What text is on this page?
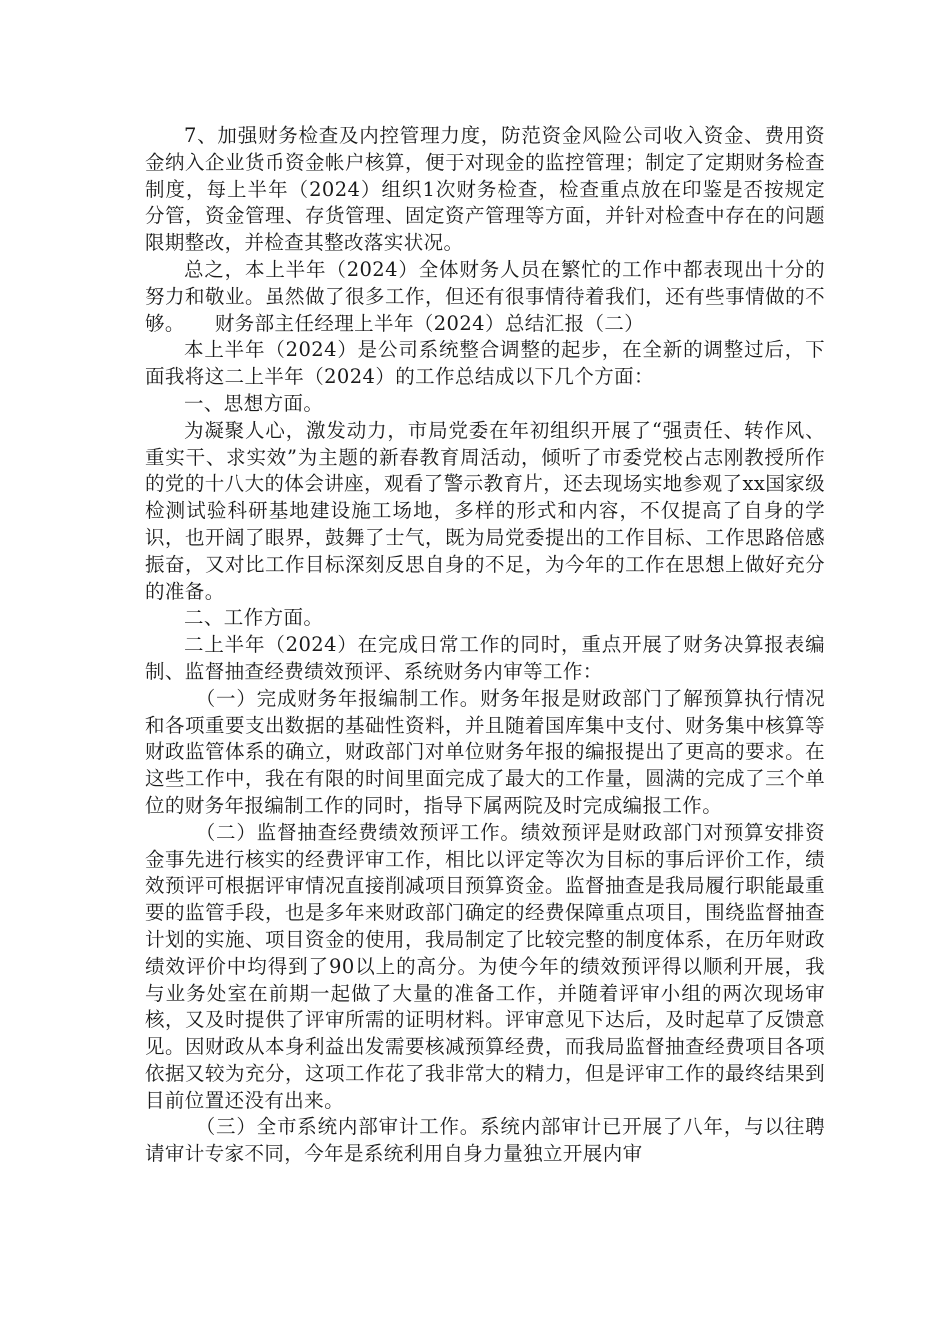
7、加强财务检查及内控管理力度，防范资金风险公司收入资金、费用资金纳入企业货币资金帐户核算，便于对现金的监控管理；制定了定期财务检查制度，每上半年（2024）组织1次财务检查，检查重点放在印鉴是否按规定分管，资金管理、存货管理、固定资产管理等方面，并针对检查中存在的问题限期整改，并检查其整改落实状况。

总之，本上半年（2024）全体财务人员在繁忙的工作中都表现出十分的努力和敬业。虽然做了很多工作，但还有很事情待着我们，还有些事情做的不够。　　财务部主任经理上半年（2024）总结汇报（二）

本上半年（2024）是公司系统整合调整的起步，在全新的调整过后，下面我将这二上半年（2024）的工作总结成以下几个方面：

一、思想方面。

为凝聚人心，激发动力，市局党委在年初组织开展了“强责任、转作风、重实干、求实效”为主题的新春教育周活动，倾听了市委党校占志刚教授所作的党的十八大的体会讲座，观看了警示教育片，还去现场实地参观了xx国家级检测试验科研基地建设施工场地，多样的形式和内容，不仅提高了自身的学识，也开阔了眼界，鼓舞了士气，既为局党委提出的工作目标、工作思路倍感振奋，又对比工作目标深刻反思自身的不足，为今年的工作在思想上做好充分的准备。

二、工作方面。

二上半年（2024）在完成日常工作的同时，重点开展了财务决算报表编制、监督抽查经费绩效预评、系统财务内审等工作：

（一）完成财务年报编制工作。财务年报是财政部门了解预算执行情况和各项重要支出数据的基础性资料，并且随着国库集中支付、财务集中核算等财政监管体系的确立，财政部门对单位财务年报的编报提出了更高的要求。在这些工作中，我在有限的时间里面完成了最大的工作量，圆满的完成了三个单位的财务年报编制工作的同时，指导下属两院及时完成编报工作。

（二）监督抽查经费绩效预评工作。绩效预评是财政部门对预算安排资金事先进行核实的经费评审工作，相比以评定等次为目标的事后评价工作，绩效预评可根据评审情况直接削减项目预算资金。监督抽查是我局履行职能最重要的监管手段，也是多年来财政部门确定的经费保障重点项目，围绕监督抽查计划的实施、项目资金的使用，我局制定了比较完整的制度体系，在历年财政绩效评价中均得到了90以上的高分。为使今年的绩效预评得以顺利开展，我与业务处室在前期一起做了大量的准备工作，并随着评审小组的两次现场审核，又及时提供了评审所需的证明材料。评审意见下达后，及时起草了反馈意见。因财政从本身利益出发需要核减预算经费，而我局监督抽查经费项目各项依据又较为充分，这项工作花了我非常大的精力，但是评审工作的最终结果到目前位置还没有出来。

（三）全市系统内部审计工作。系统内部审计已开展了八年，与以往聘请审计专家不同，今年是系统利用自身力量独立开展内审
